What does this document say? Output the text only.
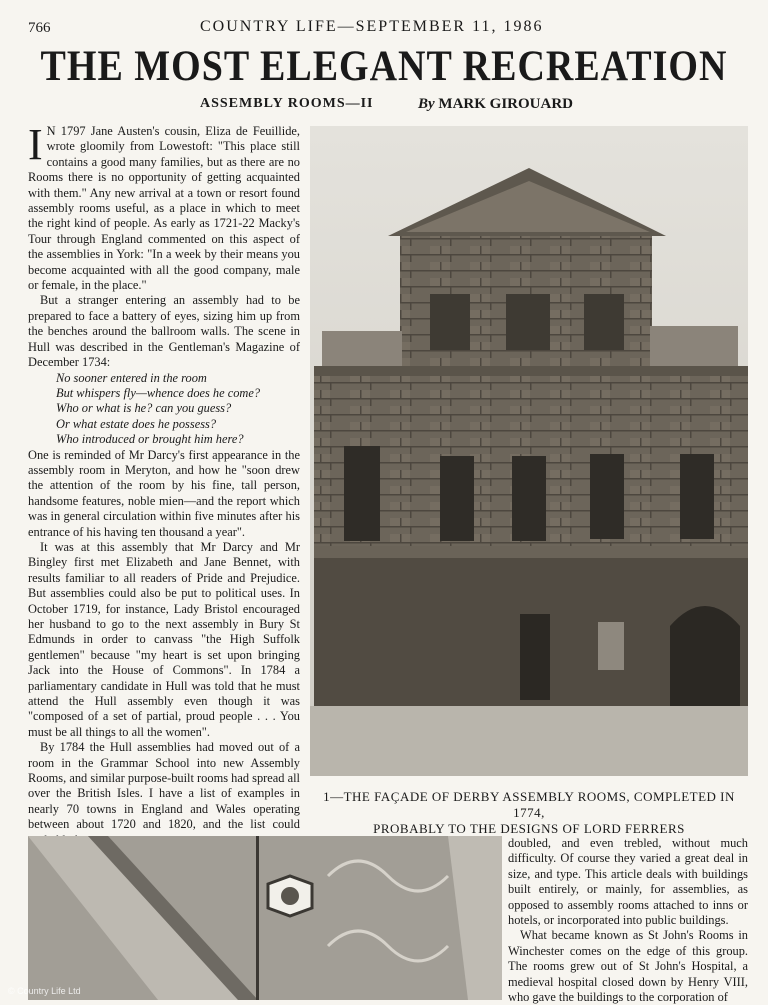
766	COUNTRY LIFE—SEPTEMBER 11, 1986
THE MOST ELEGANT RECREATION
ASSEMBLY ROOMS—II	By MARK GIROUARD

I N 1797 Jane Austen's cousin, Eliza de Feuillide, wrote gloomily from Lowestoft: "This place still contains a good many families, but as there are no Rooms there is no opportunity of getting acquainted with them." Any new arrival at a town or resort found assembly rooms useful, as a place in which to meet the right kind of people. As early as 1721-22 Macky's Tour through England commented on this aspect of the assemblies in York: "In a week by their means you become acquainted with all the good company, male or female, in the place."

But a stranger entering an assembly had to be prepared to face a battery of eyes, sizing him up from the benches around the ballroom walls. The scene in Hull was described in the Gentleman's Magazine of December 1734:

No sooner entered in the room
But whispers fly—whence does he come?
Who or what is he? can you guess?
Or what estate does he possess?
Who introduced or brought him here?

One is reminded of Mr Darcy's first appearance in the assembly room in Meryton, and how he "soon drew the attention of the room by his fine, tall person, handsome features, noble mien—and the report which was in general circulation within five minutes after his entrance of his having ten thousand a year".

It was at this assembly that Mr Darcy and Mr Bingley first met Elizabeth and Jane Bennet, with results familiar to all readers of Pride and Prejudice. But assemblies could also be put to political uses. In October 1719, for instance, Lady Bristol encouraged her husband to go to the next assembly in Bury St Edmunds in order to canvass "the High Suffolk gentlemen" because "my heart is set upon bringing Jack into the House of Commons". In 1784 a parliamentary candidate in Hull was told that he must attend the Hull assembly even though it was "composed of a set of partial, proud people . . . You must be all things to all the women".

By 1784 the Hull assemblies had moved out of a room in the Grammar School into new Assembly Rooms, and similar purpose-built rooms had spread all over the British Isles. I have a list of examples in nearly 70 towns in England and Wales operating between about 1720 and 1820, and the list could

1—THE FAÇADE OF DERBY ASSEMBLY ROOMS, COMPLETED IN 1774,
PROBABLY TO THE DESIGNS OF LORD FERRERS

doubled, and even trebled, without much difficulty. Of course they varied a great deal in size, and type. This article deals with buildings built entirely, or mainly, for assemblies, as opposed to assembly rooms attached to inns or hotels, or incorporated into public buildings.

What became known as St John's Rooms in Winchester comes on the edge of this group. The rooms grew out of St John's Hospital, a medieval hospital closed down by Henry VIII, who gave the buildings to the corporation of

© Country Life Ltd
